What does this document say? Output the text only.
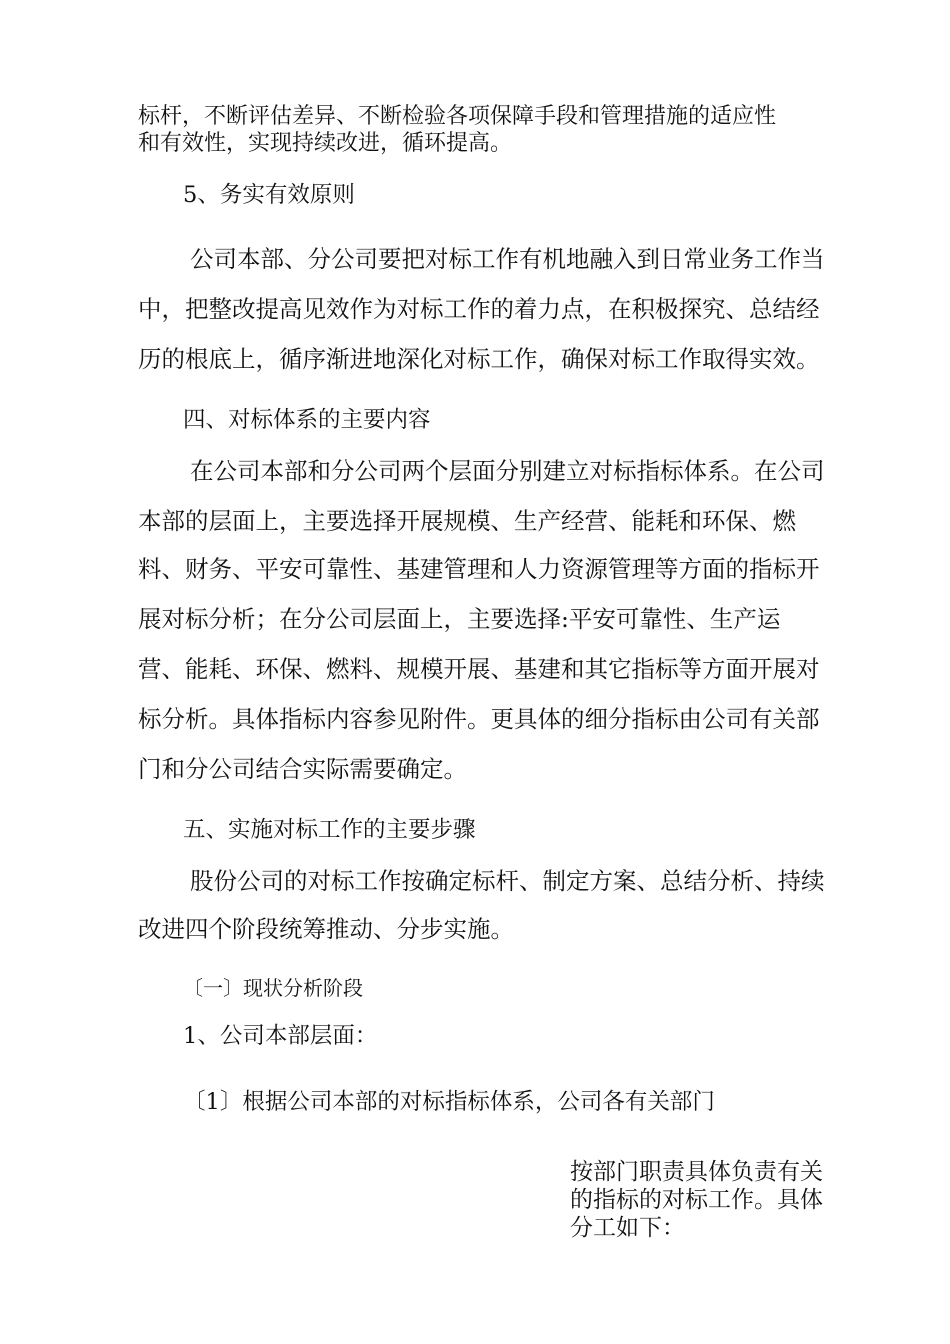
标杆，不断评估差异、不断检验各项保障手段和管理措施的适应性

和有效性，实现持续改进，循环提高。

5、务实有效原则

公司本部、分公司要把对标工作有机地融入到日常业务工作当

中，把整改提高见效作为对标工作的着力点，在积极探究、总结经

历的根底上，循序渐进地深化对标工作，确保对标工作取得实效。

四、对标体系的主要内容

在公司本部和分公司两个层面分别建立对标指标体系。在公司

本部的层面上，主要选择开展规模、生产经营、能耗和环保、燃

料、财务、平安可靠性、基建管理和人力资源管理等方面的指标开

展对标分析；在分公司层面上，主要选择:平安可靠性、生产运

营、能耗、环保、燃料、规模开展、基建和其它指标等方面开展对

标分析。具体指标内容参见附件。更具体的细分指标由公司有关部

门和分公司结合实际需要确定。

五、实施对标工作的主要步骤

股份公司的对标工作按确定标杆、制定方案、总结分析、持续

改进四个阶段统筹推动、分步实施。

〔一〕现状分析阶段

1、公司本部层面：

〔1〕根据公司本部的对标指标体系，公司各有关部门

按部门职责具体负责有关
的指标的对标工作。具体
分工如下：
